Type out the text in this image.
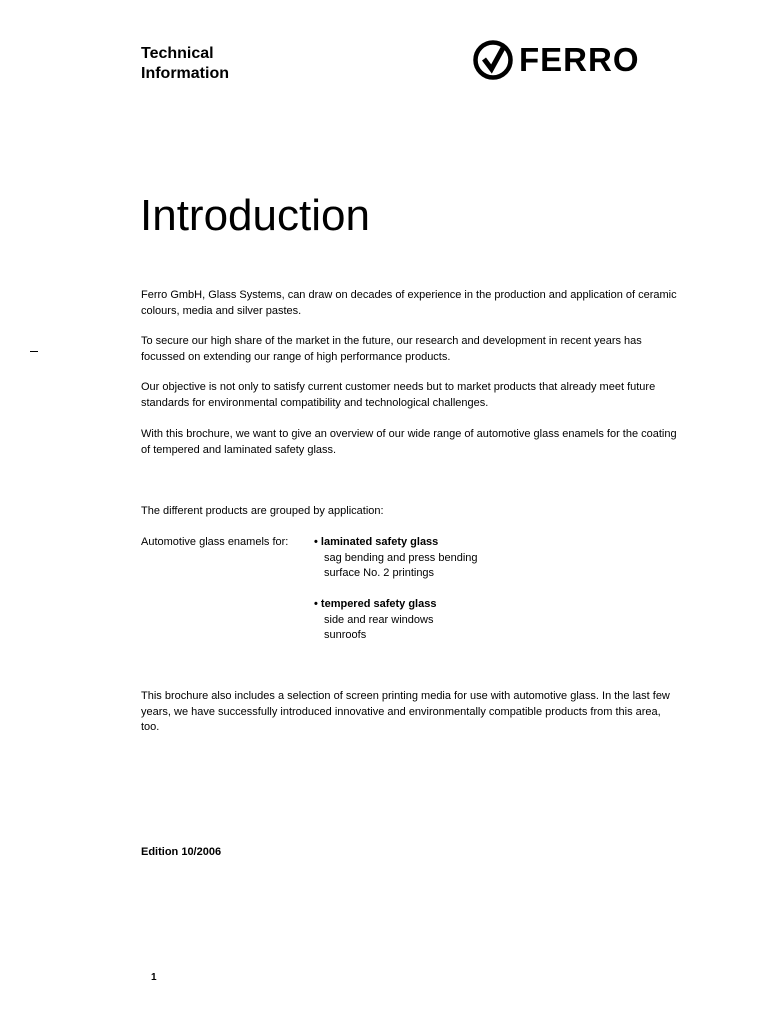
Technical
Information	FERRO
Introduction

Ferro GmbH, Glass Systems, can draw on decades of experience in the production and application of ceramic colours, media and silver pastes.

To secure our high share of the market in the future, our research and development in recent years has focussed on extending our range of high performance products.

Our objective is not only to satisfy current customer needs but to market products that already meet future standards for environmental compatibility and technological challenges.

With this brochure, we want to give an overview of our wide range of automotive glass enamels for the coating of tempered and laminated safety glass.

The different products are grouped by application:

Automotive glass enamels for: • laminated safety glass
sag bending and press bending
surface No. 2 printings
• tempered safety glass
side and rear windows
sunroofs

This brochure also includes a selection of screen printing media for use with automotive glass. In the last few years, we have successfully introduced innovative and environmentally compatible products from this area, too.

Edition 10/2006
1
